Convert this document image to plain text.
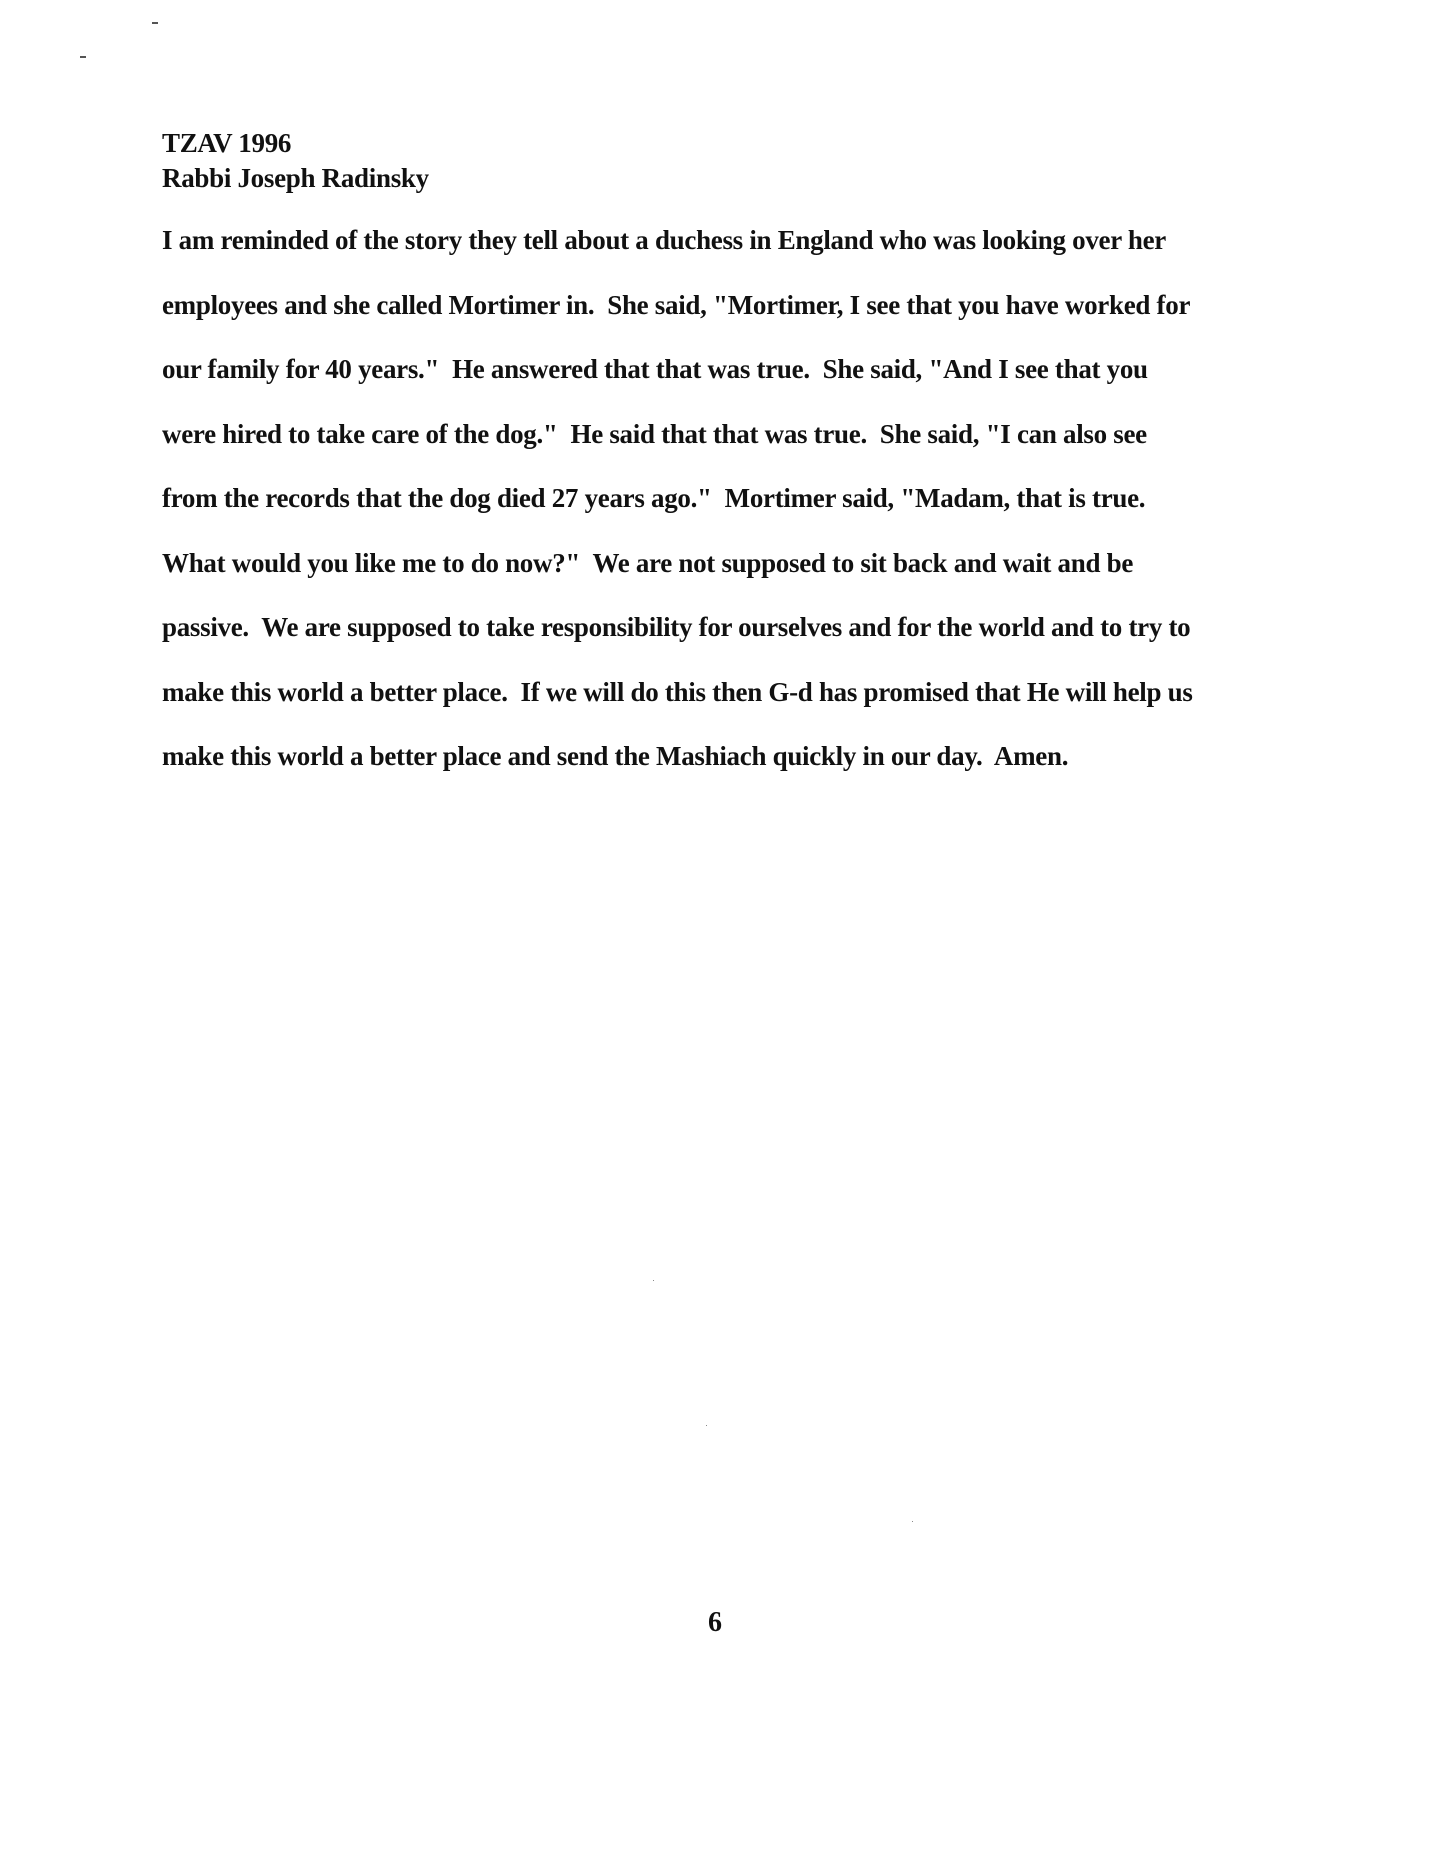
TZAV 1996
Rabbi Joseph Radinsky
I am reminded of the story they tell about a duchess in England who was looking over her
employees and she called Mortimer in.  She said, "Mortimer, I see that you have worked for
our family for 40 years."  He answered that that was true.  She said, "And I see that you
were hired to take care of the dog."  He said that that was true.  She said, "I can also see
from the records that the dog died 27 years ago."  Mortimer said, "Madam, that is true.
What would you like me to do now?"  We are not supposed to sit back and wait and be
passive.  We are supposed to take responsibility for ourselves and for the world and to try to
make this world a better place.  If we will do this then G-d has promised that He will help us
make this world a better place and send the Mashiach quickly in our day.  Amen.
6
